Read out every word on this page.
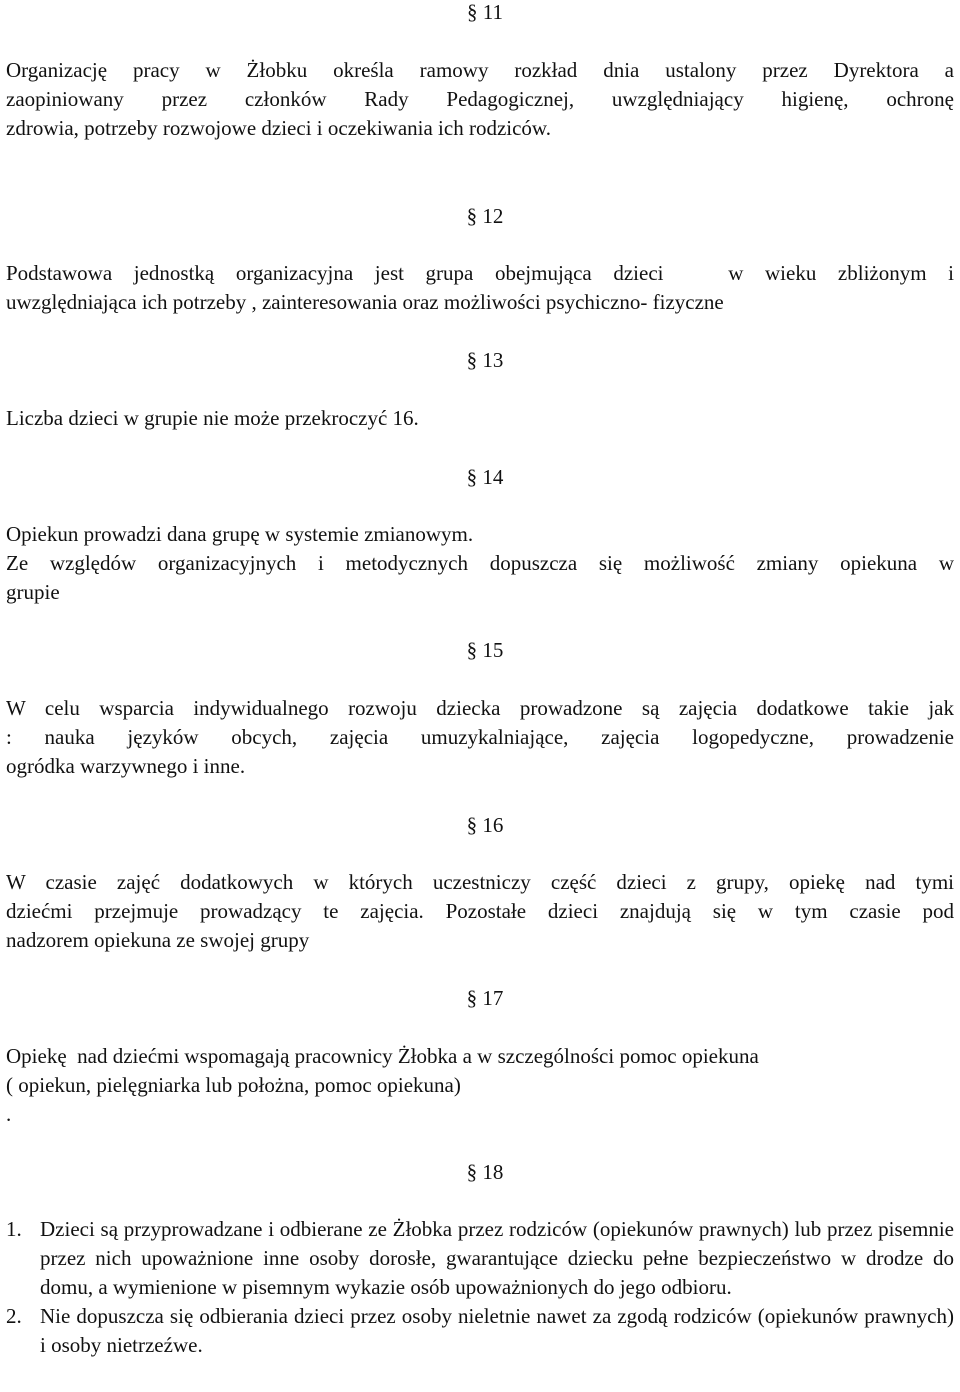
§ 11
Organizację pracy w Żłobku określa ramowy rozkład dnia ustalony przez Dyrektora a
zaopiniowany przez członków Rady Pedagogicznej, uwzględniający higienę, ochronę
zdrowia, potrzeby rozwojowe dzieci i oczekiwania ich rodziców.
§ 12
Podstawowa jednostką organizacyjna jest grupa obejmująca dzieci   w wieku zbliżonym i
uwzględniająca ich potrzeby , zainteresowania oraz możliwości psychiczno- fizyczne
§ 13
Liczba dzieci w grupie nie może przekroczyć 16.
§ 14
Opiekun prowadzi dana grupę w systemie zmianowym.
Ze względów organizacyjnych i metodycznych dopuszcza się możliwość zmiany opiekuna w
grupie
§ 15
W celu wsparcia indywidualnego rozwoju dziecka prowadzone są zajęcia dodatkowe takie jak
: nauka języków obcych, zajęcia umuzykalniające, zajęcia logopedyczne, prowadzenie
ogródka warzywnego i inne.
§ 16
W czasie zajęć dodatkowych w których uczestniczy część dzieci z grupy, opiekę nad tymi
dziećmi przejmuje prowadzący te zajęcia. Pozostałe dzieci znajdują się w tym czasie pod
nadzorem opiekuna ze swojej grupy
§ 17
Opiekę  nad dziećmi wspomagają pracownicy Żłobka a w szczególności pomoc opiekuna
( opiekun, pielęgniarka lub położna, pomoc opiekuna)
.
§ 18
1. Dzieci są przyprowadzane i odbierane ze Żłobka przez rodziców (opiekunów prawnych) lub przez pisemnie przez nich upoważnione inne osoby dorosłe, gwarantujące dziecku pełne bezpieczeństwo w drodze do domu, a wymienione w pisemnym wykazie osób upoważnionych do jego odbioru.
2. Nie dopuszcza się odbierania dzieci przez osoby nieletnie nawet za zgodą rodziców (opiekunów prawnych) i osoby nietrzeźwe.
